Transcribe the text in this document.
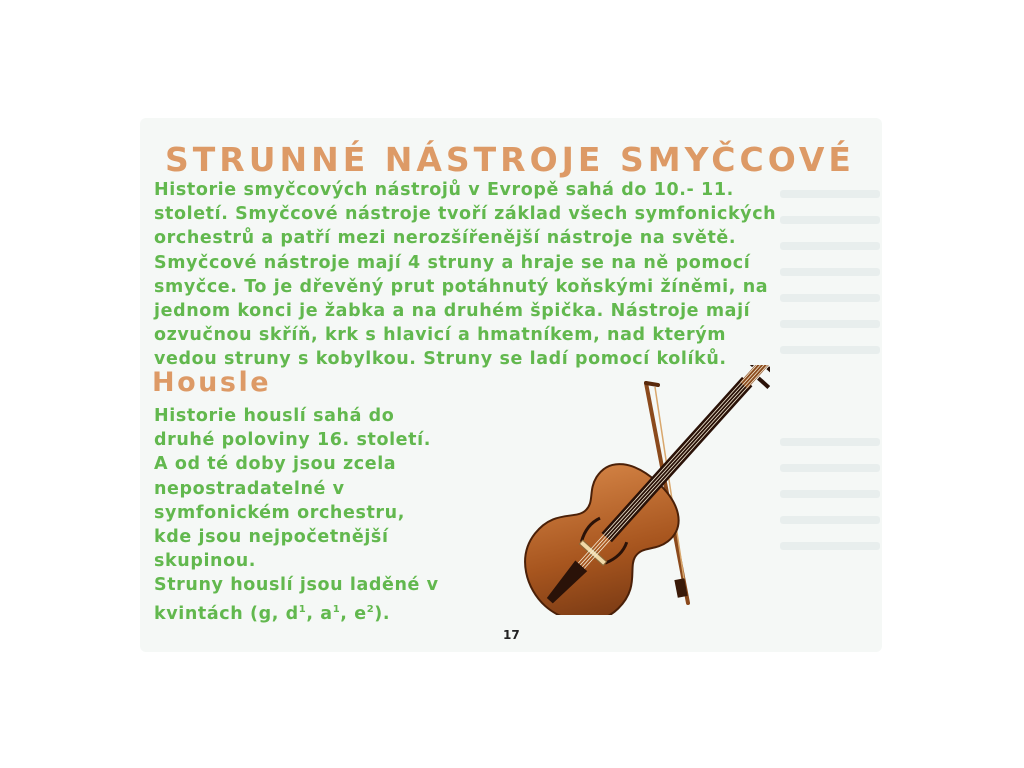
STRUNNÉ NÁSTROJE SMYČCOVÉ

Historie smyčcových nástrojů v Evropě sahá do 10.- 11.
století. Smyčcové nástroje tvoří základ všech symfonických
orchestrů a patří mezi nerozšířenější nástroje na světě.
Smyčcové nástroje mají 4 struny a hraje se na ně pomocí
smyčce. To je dřevěný prut potáhnutý koňskými žíněmi, na
jednom konci je žabka a na druhém špička. Nástroje mají
ozvučnou skříň, krk s hlavicí a hmatníkem, nad kterým
vedou struny s kobylkou. Struny se ladí pomocí kolíků.

Housle

Historie houslí sahá do
druhé poloviny 16. století.
A od té doby jsou zcela
nepostradatelné v
symfonickém orchestru,
kde jsou nejpočetnější
skupinou.
Struny houslí jsou laděné v
kvintách (g, $d^1$, $a^1$, $e^2$).

17
